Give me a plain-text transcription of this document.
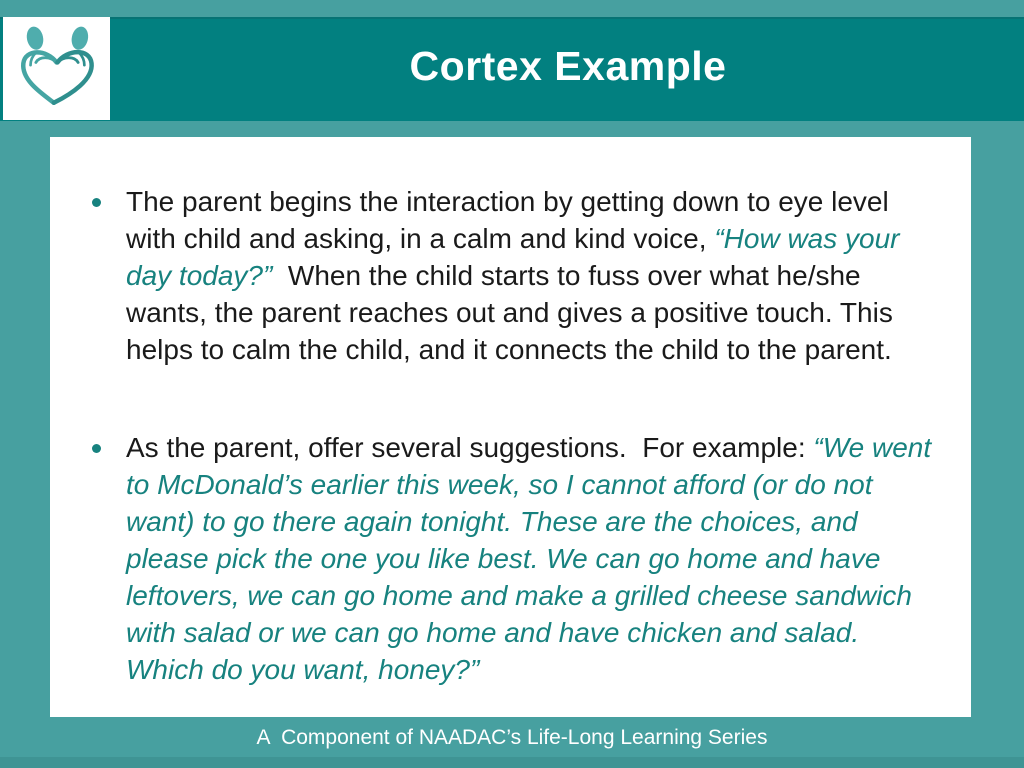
Cortex Example
The parent begins the interaction by getting down to eye level with child and asking, in a calm and kind voice, “How was your day today?”  When the child starts to fuss over what he/she wants, the parent reaches out and gives a positive touch. This helps to calm the child, and it connects the child to the parent.
As the parent, offer several suggestions.  For example: “We went to McDonald’s earlier this week, so I cannot afford (or do not want) to go there again tonight. These are the choices, and please pick the one you like best. We can go home and have leftovers, we can go home and make a grilled cheese sandwich with salad or we can go home and have chicken and salad. Which do you want, honey?”
A  Component of NAADAC’s Life-Long Learning Series
